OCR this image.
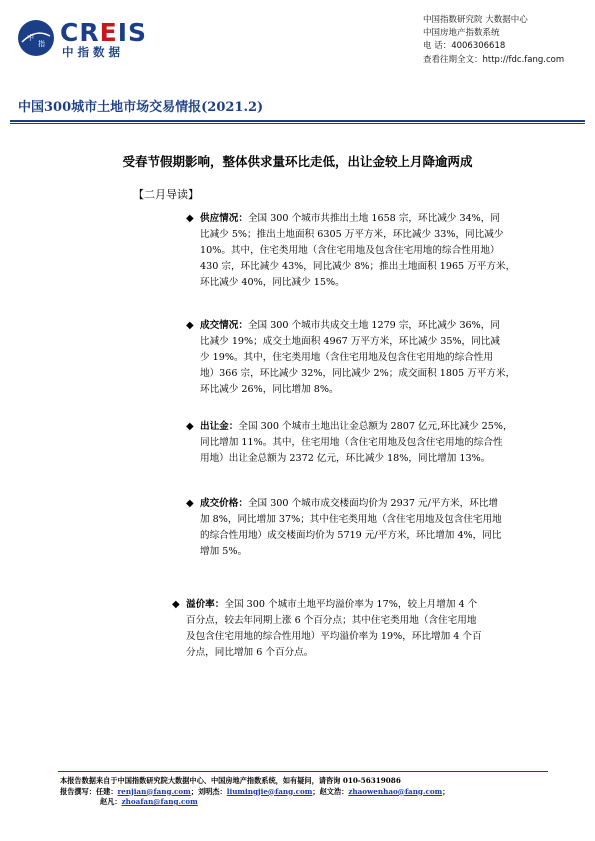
中
指 CREIS
中指数据
中国指数研究院 大数据中心
中国房地产指数系统
电 话：4006306618
查看往期全文：http://fdc.fang.com
中国300城市土地市场交易情报(2021.2)
受春节假期影响，整体供求量环比走低，出让金较上月降逾两成
【二月导读】
◆ 供应情况：全国 300 个城市共推出土地 1658 宗，环比减少 34%，同
比减少 5%；推出土地面积 6305 万平方米，环比减少 33%，同比减少
10%。其中，住宅类用地（含住宅用地及包含住宅用地的综合性用地）
430 宗，环比减少 43%，同比减少 8%；推出土地面积 1965 万平方米，
环比减少 40%，同比减少 15%。
◆ 成交情况：全国 300 个城市共成交土地 1279 宗，环比减少 36%，同
比减少 19%；成交土地面积 4967 万平方米，环比减少 35%，同比减
少 19%。其中，住宅类用地（含住宅用地及包含住宅用地的综合性用
地）366 宗，环比减少 32%，同比减少 2%；成交面积 1805 万平方米，
环比减少 26%，同比增加 8%。
◆ 出让金：全国 300 个城市土地出让金总额为 2807 亿元,环比减少 25%，
同比增加 11%。其中，住宅用地（含住宅用地及包含住宅用地的综合性
用地）出让金总额为 2372 亿元，环比减少 18%，同比增加 13%。
◆ 成交价格：全国 300 个城市成交楼面均价为 2937 元/平方米，环比增
加 8%，同比增加 37%；其中住宅类用地（含住宅用地及包含住宅用地
的综合性用地）成交楼面均价为 5719 元/平方米，环比增加 4%，同比
增加 5%。
◆ 溢价率：全国 300 个城市土地平均溢价率为 17%，较上月增加 4 个
百分点，较去年同期上涨 6 个百分点；其中住宅类用地（含住宅用地
及包含住宅用地的综合性用地）平均溢价率为 19%，环比增加 4 个百
分点，同比增加 6 个百分点。
本报告数据来自于中国指数研究院大数据中心、中国房地产指数系统，如有疑问，请咨询 010-56319086
报告撰写：任建：renjian@fang.com；刘明杰：liumingjie@fang.com；赵文浩：zhaowenhao@fang.com；
赵凡：zhoafan@fang.com
